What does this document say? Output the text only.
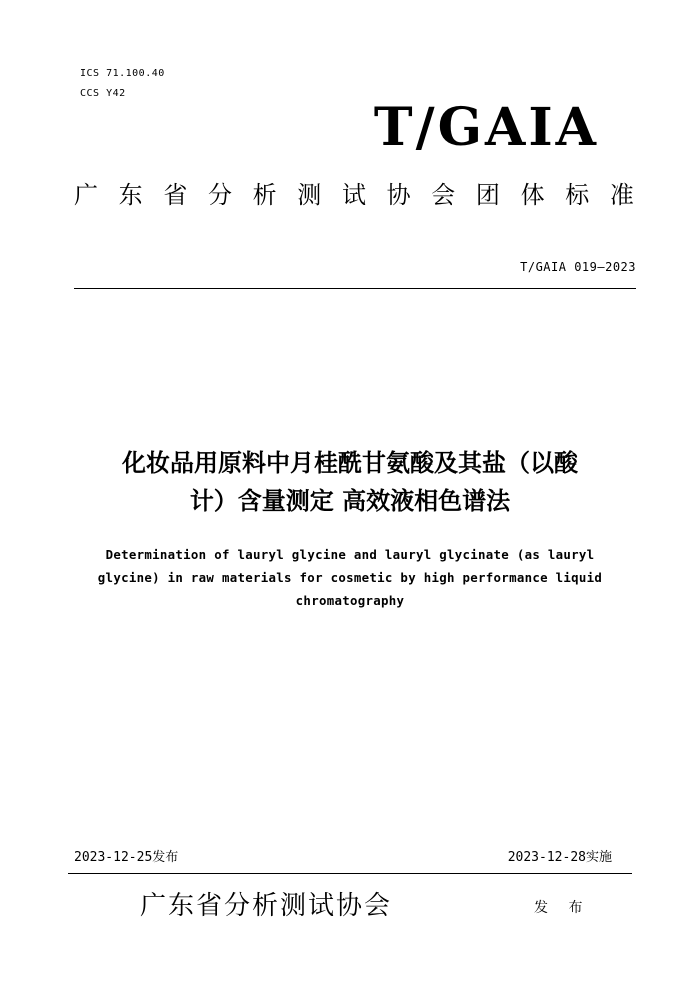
ICS 71.100.40
CCS Y42
T/GAIA
广 东 省 分 析 测 试 协 会 团 体 标 准
T/GAIA 019—2023
化妆品用原料中月桂酰甘氨酸及其盐（以酸
计）含量测定 高效液相色谱法
Determination of lauryl glycine and lauryl glycinate (as lauryl
glycine) in raw materials for cosmetic by high performance liquid
chromatography
2023-12-25发布	2023-12-28实施
广东省分析测试协会	发 布
